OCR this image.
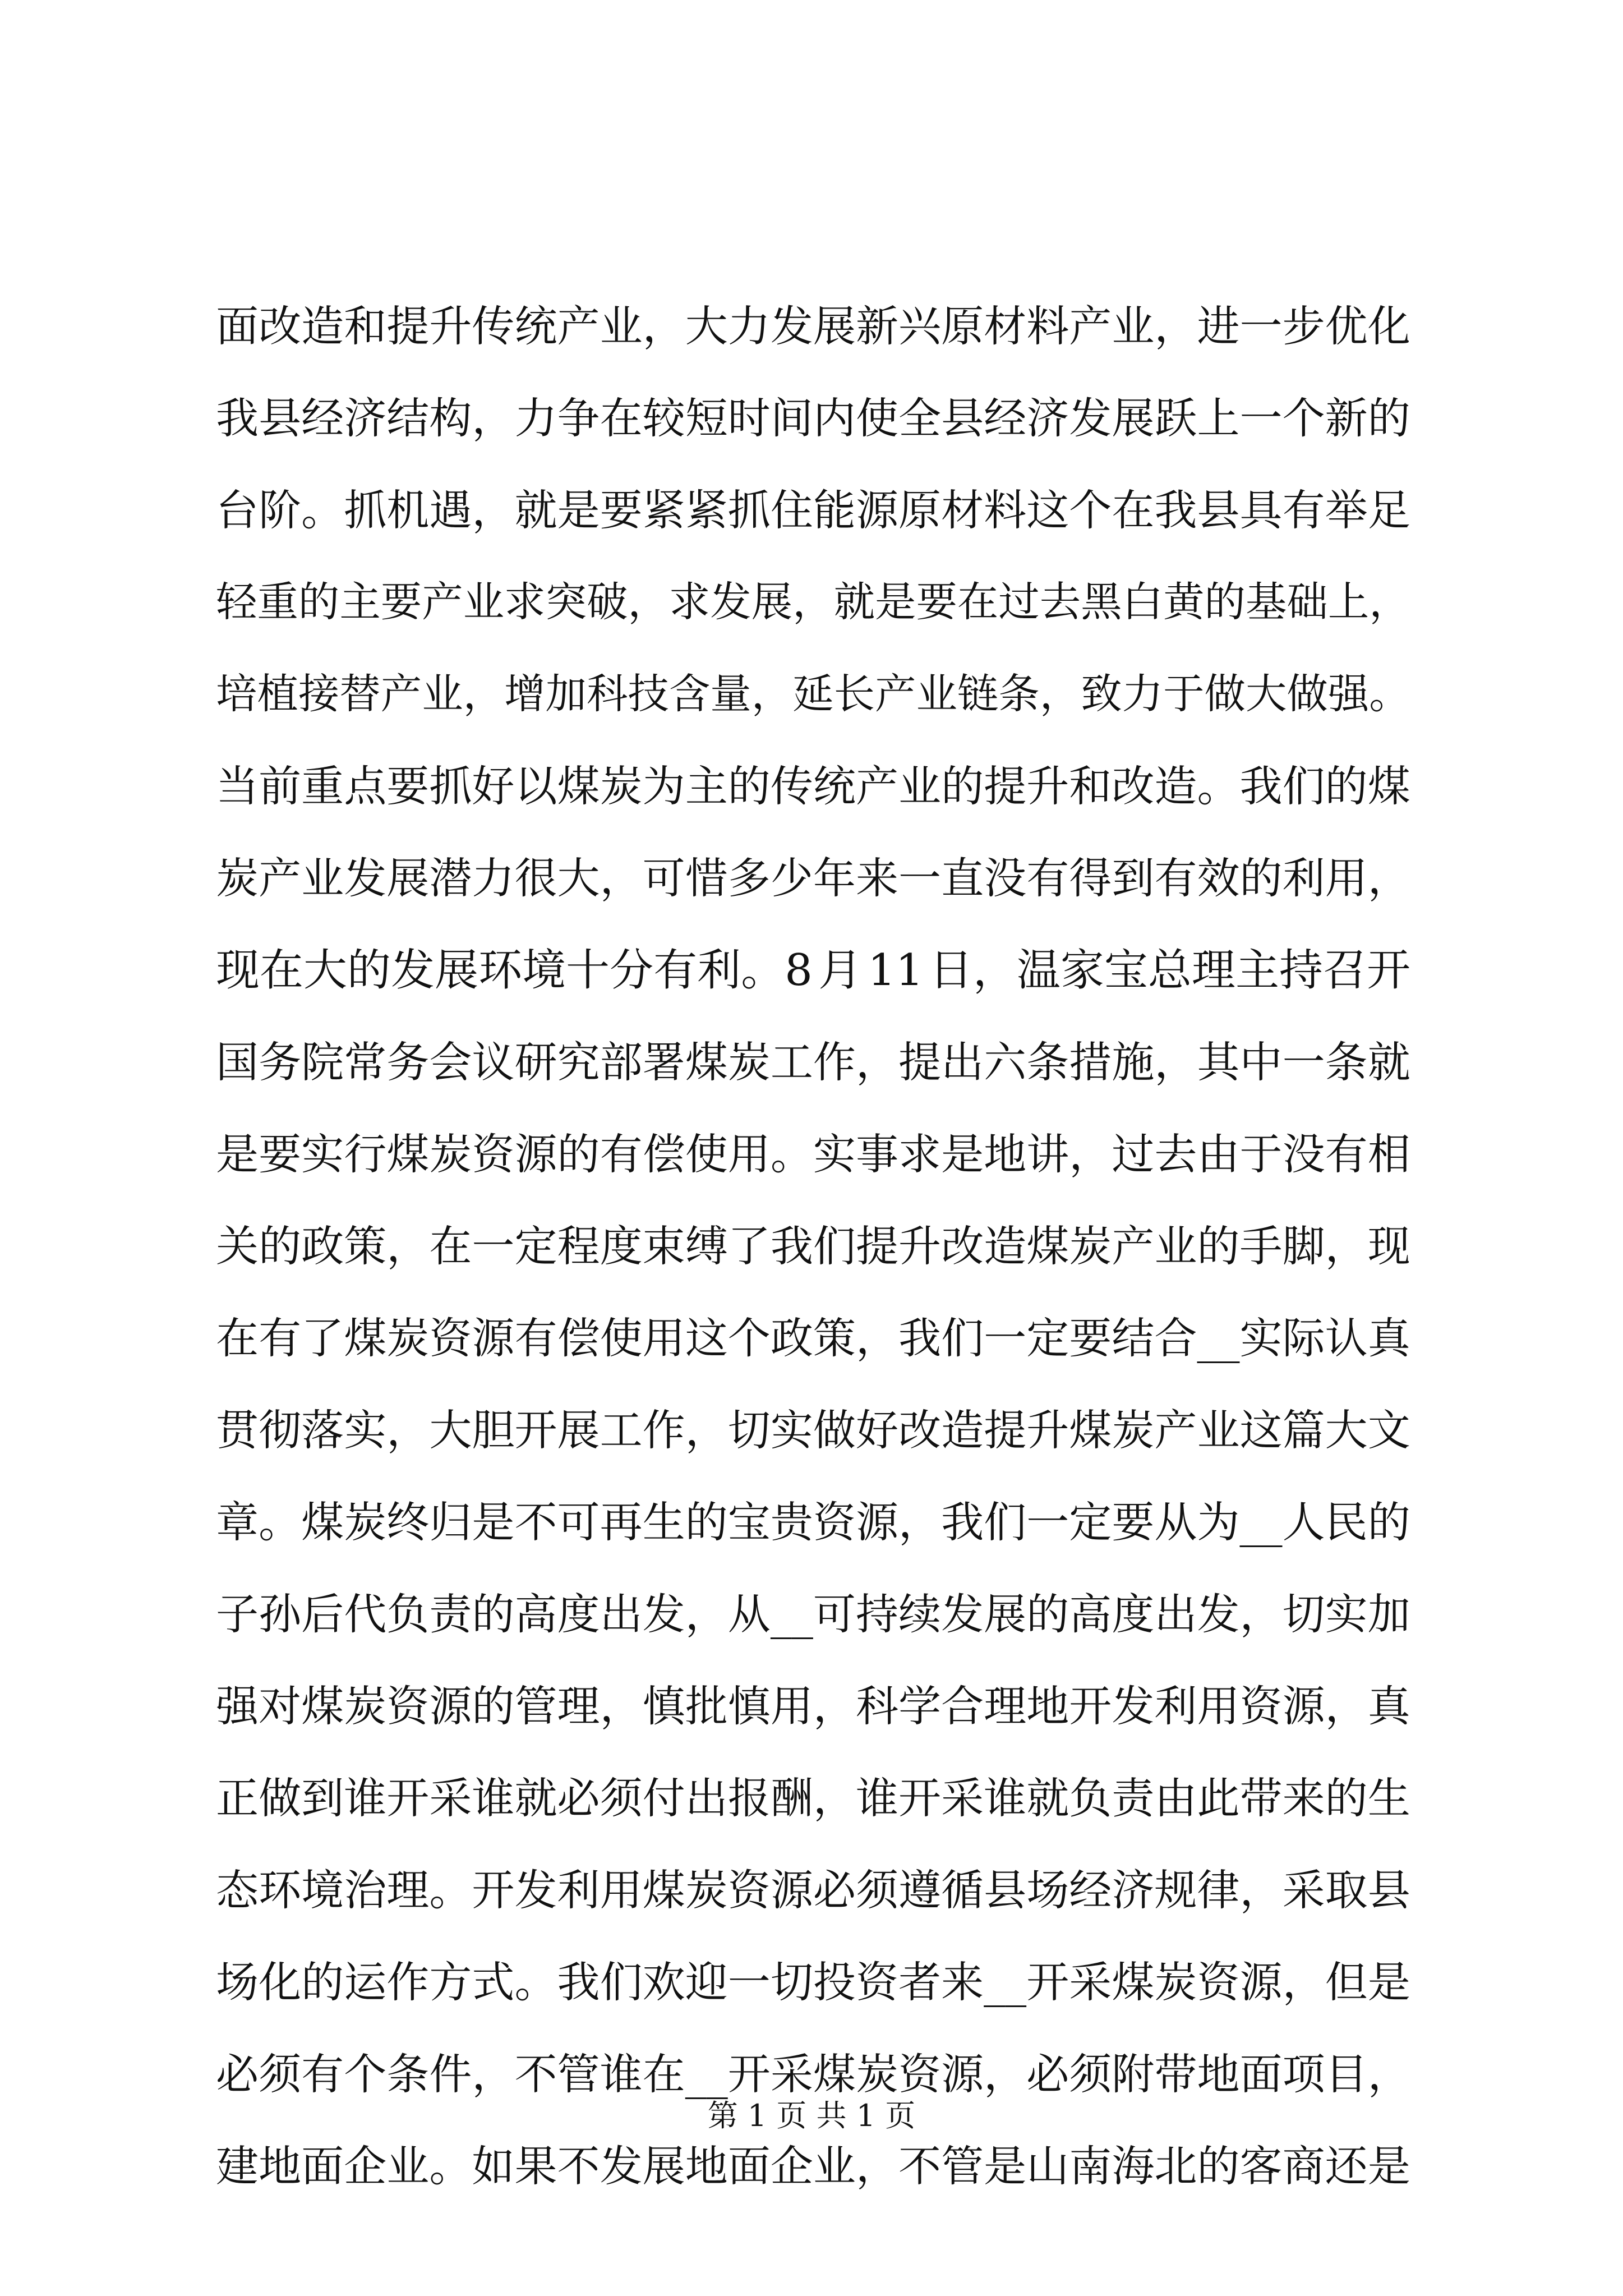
面 改 造 和 提 升 传 统 产 业 ， 大 力 发 展 新 兴 原 材 料 产 业 ， 进 一 步 优 化
我 县 经 济 结 构 ， 力 争 在 较 短 时 间 内 使 全 县 经 济 发 展 跃 上 一 个 新 的
台 阶 。 抓 机 遇 ， 就 是 要 紧 紧 抓 住 能 源 原 材 料 这 个 在 我 县 具 有 举 足
轻 重 的 主 要 产 业 求 突 破 ， 求 发 展 ， 就 是 要 在 过 去 黑 白 黄 的 基 础 上 ，
培 植 接 替 产 业 ， 增 加 科 技 含 量 ， 延 长 产 业 链 条 ， 致 力 于 做 大 做 强 。
当 前 重 点 要 抓 好 以 煤 炭 为 主 的 传 统 产 业 的 提 升 和 改 造 。 我 们 的 煤
炭 产 业 发 展 潜 力 很 大 ， 可 惜 多 少 年 来 一 直 没 有 得 到 有 效 的 利 用 ，
现 在 大 的 发 展 环 境 十 分 有 利 。 8 月 11 日 ， 温 家 宝 总 理 主 持 召 开
国 务 院 常 务 会 议 研 究 部 署 煤 炭 工 作 ， 提 出 六 条 措 施 ， 其 中 一 条 就
是 要 实 行 煤 炭 资 源 的 有 偿 使 用 。 实 事 求 是 地 讲 ， 过 去 由 于 没 有 相
关 的 政 策 ， 在 一 定 程 度 束 缚 了 我 们 提 升 改 造 煤 炭 产 业 的 手 脚 ， 现
在 有 了 煤 炭 资 源 有 偿 使 用 这 个 政 策 ， 我 们 一 定 要 结 合 __ 实 际 认 真
贯 彻 落 实 ， 大 胆 开 展 工 作 ， 切 实 做 好 改 造 提 升 煤 炭 产 业 这 篇 大 文
章 。 煤 炭 终 归 是 不 可 再 生 的 宝 贵 资 源 ， 我 们 一 定 要 从 为 __ 人 民 的
子 孙 后 代 负 责 的 高 度 出 发 ， 从 __ 可 持 续 发 展 的 高 度 出 发 ， 切 实 加
强 对 煤 炭 资 源 的 管 理 ， 慎 批 慎 用 ， 科 学 合 理 地 开 发 利 用 资 源 ， 真
正 做 到 谁 开 采 谁 就 必 须 付 出 报 酬 ， 谁 开 采 谁 就 负 责 由 此 带 来 的 生
态 环 境 治 理 。 开 发 利 用 煤 炭 资 源 必 须 遵 循 县 场 经 济 规 律 ， 采 取 县
场 化 的 运 作 方 式 。 我 们 欢 迎 一 切 投 资 者 来 __ 开 采 煤 炭 资 源 ， 但 是
必 须 有 个 条 件 ， 不 管 谁 在 __ 开 采 煤 炭 资 源 ， 必 须 附 带 地 面 项 目 ，
建 地 面 企 业 。 如 果 不 发 展 地 面 企 业 ， 不 管 是 山 南 海 北 的 客 商 还 是
第 1 页 共 1 页
